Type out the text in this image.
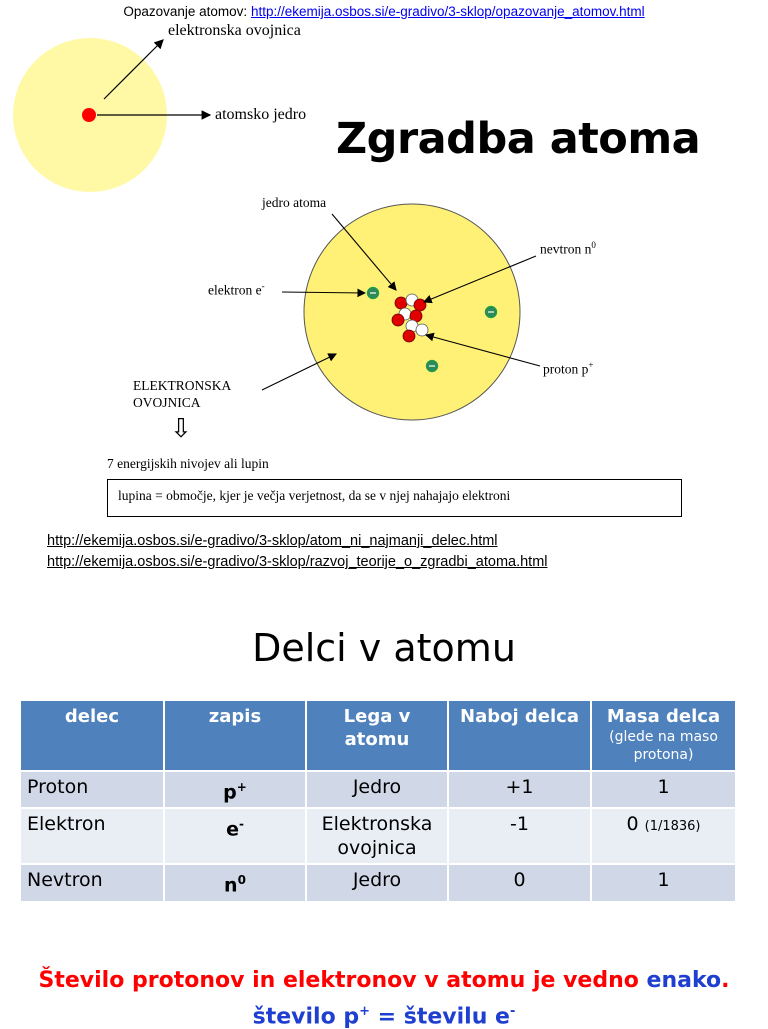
Opazovanje atomov: http://ekemija.osbos.si/e-gradivo/3-sklop/opazovanje_atomov.html
elektronska ovojnica
atomsko jedro Zgradba atoma
jedro atoma
nevtron $n^0$
elektron e-
proton p+
ELEKTRONSKA
OVOJNICA
⇩
7 energijskih nivojev ali lupin
lupina = območje, kjer je večja verjetnost, da se v njej nahajajo elektroni
http://ekemija.osbos.si/e-gradivo/3-sklop/atom_ni_najmanji_delec.html
http://ekemija.osbos.si/e-gradivo/3-sklop/razvoj_teorije_o_zgradbi_atoma.html
Delci v atomu
delec	zapis	Lega v atomu	Naboj delca	Masa delca
(glede na maso protona)

Proton	p+	Jedro	+1	1
Elektron	e-	Elektronska ovojnica	-1	0 (1/1836)
Nevtron	$n^0$	Jedro	0	1
Število protonov in elektronov v atomu je vedno enako.
število p+ = številu e-
